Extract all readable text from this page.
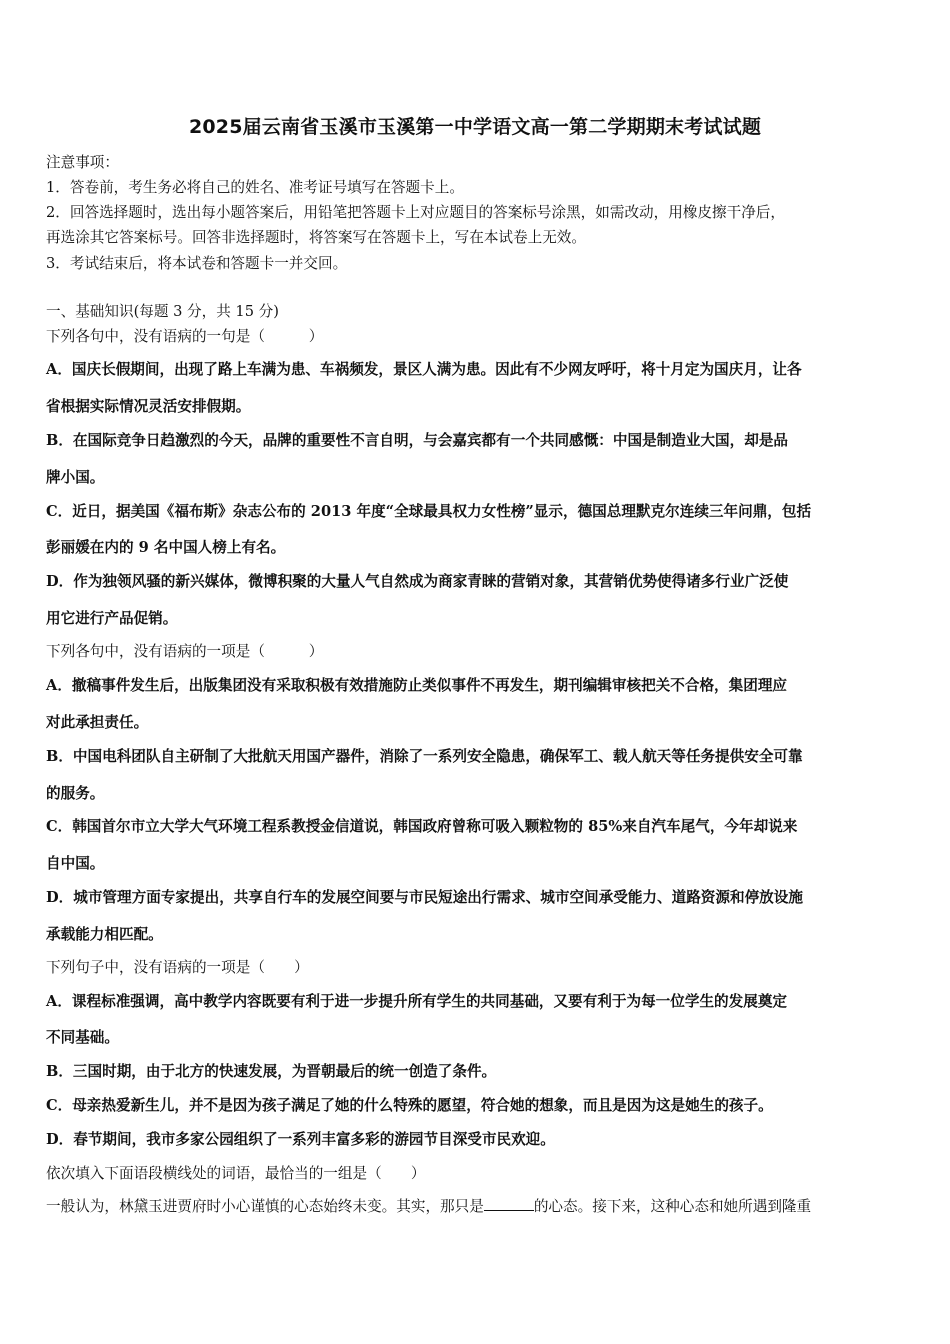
2025届云南省玉溪市玉溪第一中学语文高一第二学期期末考试试题
注意事项：
1．答卷前，考生务必将自己的姓名、准考证号填写在答题卡上。
2．回答选择题时，选出每小题答案后，用铅笔把答题卡上对应题目的答案标号涂黑，如需改动，用橡皮擦干净后，
再选涂其它答案标号。回答非选择题时，将答案写在答题卡上，写在本试卷上无效。
3．考试结束后，将本试卷和答题卡一并交回。
一、基础知识(每题 3 分，共 15 分)
下列各句中，没有语病的一句是（　　　）
A．国庆长假期间，出现了路上车满为患、车祸频发，景区人满为患。因此有不少网友呼吁，将十月定为国庆月，让各
省根据实际情况灵活安排假期。
B．在国际竞争日趋激烈的今天，品牌的重要性不言自明，与会嘉宾都有一个共同感慨：中国是制造业大国，却是品
牌小国。
C．近日，据美国《福布斯》杂志公布的 2013 年度“全球最具权力女性榜”显示，德国总理默克尔连续三年问鼎，包括
彭丽媛在内的 9 名中国人榜上有名。
D．作为独领风骚的新兴媒体，微博积聚的大量人气自然成为商家青睐的营销对象，其营销优势使得诸多行业广泛使
用它进行产品促销。
下列各句中，没有语病的一项是（　　　）
A．撤稿事件发生后，出版集团没有采取积极有效措施防止类似事件不再发生，期刊编辑审核把关不合格，集团理应
对此承担责任。
B．中国电科团队自主研制了大批航天用国产器件，消除了一系列安全隐患，确保军工、载人航天等任务提供安全可靠
的服务。
C．韩国首尔市立大学大气环境工程系教授金信道说，韩国政府曾称可吸入颗粒物的 85%来自汽车尾气，今年却说来
自中国。
D．城市管理方面专家提出，共享自行车的发展空间要与市民短途出行需求、城市空间承受能力、道路资源和停放设施
承载能力相匹配。
下列句子中，没有语病的一项是（　　）
A．课程标准强调，高中教学内容既要有利于进一步提升所有学生的共同基础，又要有利于为每一位学生的发展奠定
不同基础。
B．三国时期，由于北方的快速发展，为晋朝最后的统一创造了条件。
C．母亲热爱新生儿，并不是因为孩子满足了她的什么特殊的愿望，符合她的想象，而且是因为这是她生的孩子。
D．春节期间，我市多家公园组织了一系列丰富多彩的游园节目深受市民欢迎。
依次填入下面语段横线处的词语，最恰当的一组是（　　）
一般认为，林黛玉进贾府时小心谨慎的心态始终未变。其实，那只是	的心态。接下来，这种心态和她所遇到隆重
